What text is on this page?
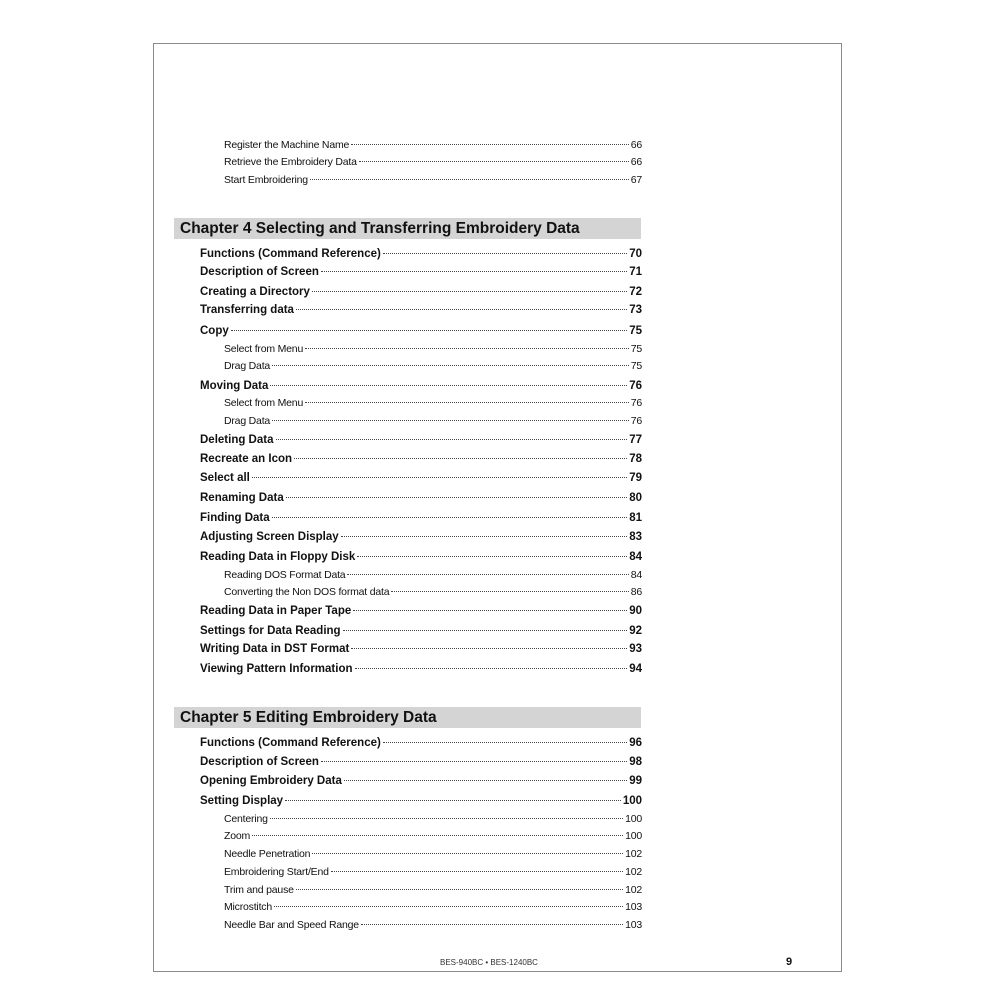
Register the Machine Name	66
Retrieve the Embroidery Data	66
Start Embroidering	67
Chapter 4 Selecting and Transferring Embroidery Data
Functions (Command Reference)	70
Description of Screen	71
Creating a Directory	72
Transferring data	73
Copy	75
Select from Menu	75
Drag Data	75
Moving Data	76
Select from Menu	76
Drag Data	76
Deleting Data	77
Recreate an Icon	78
Select all	79
Renaming Data	80
Finding Data	81
Adjusting Screen Display	83
Reading Data in Floppy Disk	84
Reading DOS Format Data	84
Converting the Non DOS format data	86
Reading Data in Paper Tape	90
Settings for Data Reading	92
Writing Data in DST Format	93
Viewing Pattern Information	94
Chapter 5 Editing Embroidery Data
Functions (Command Reference)	96
Description of Screen	98
Opening Embroidery Data	99
Setting Display	100
Centering	100
Zoom	100
Needle Penetration	102
Embroidering Start/End	102
Trim and pause	102
Microstitch	103
Needle Bar and Speed Range	103
BES-940BC • BES-1240BC	9
